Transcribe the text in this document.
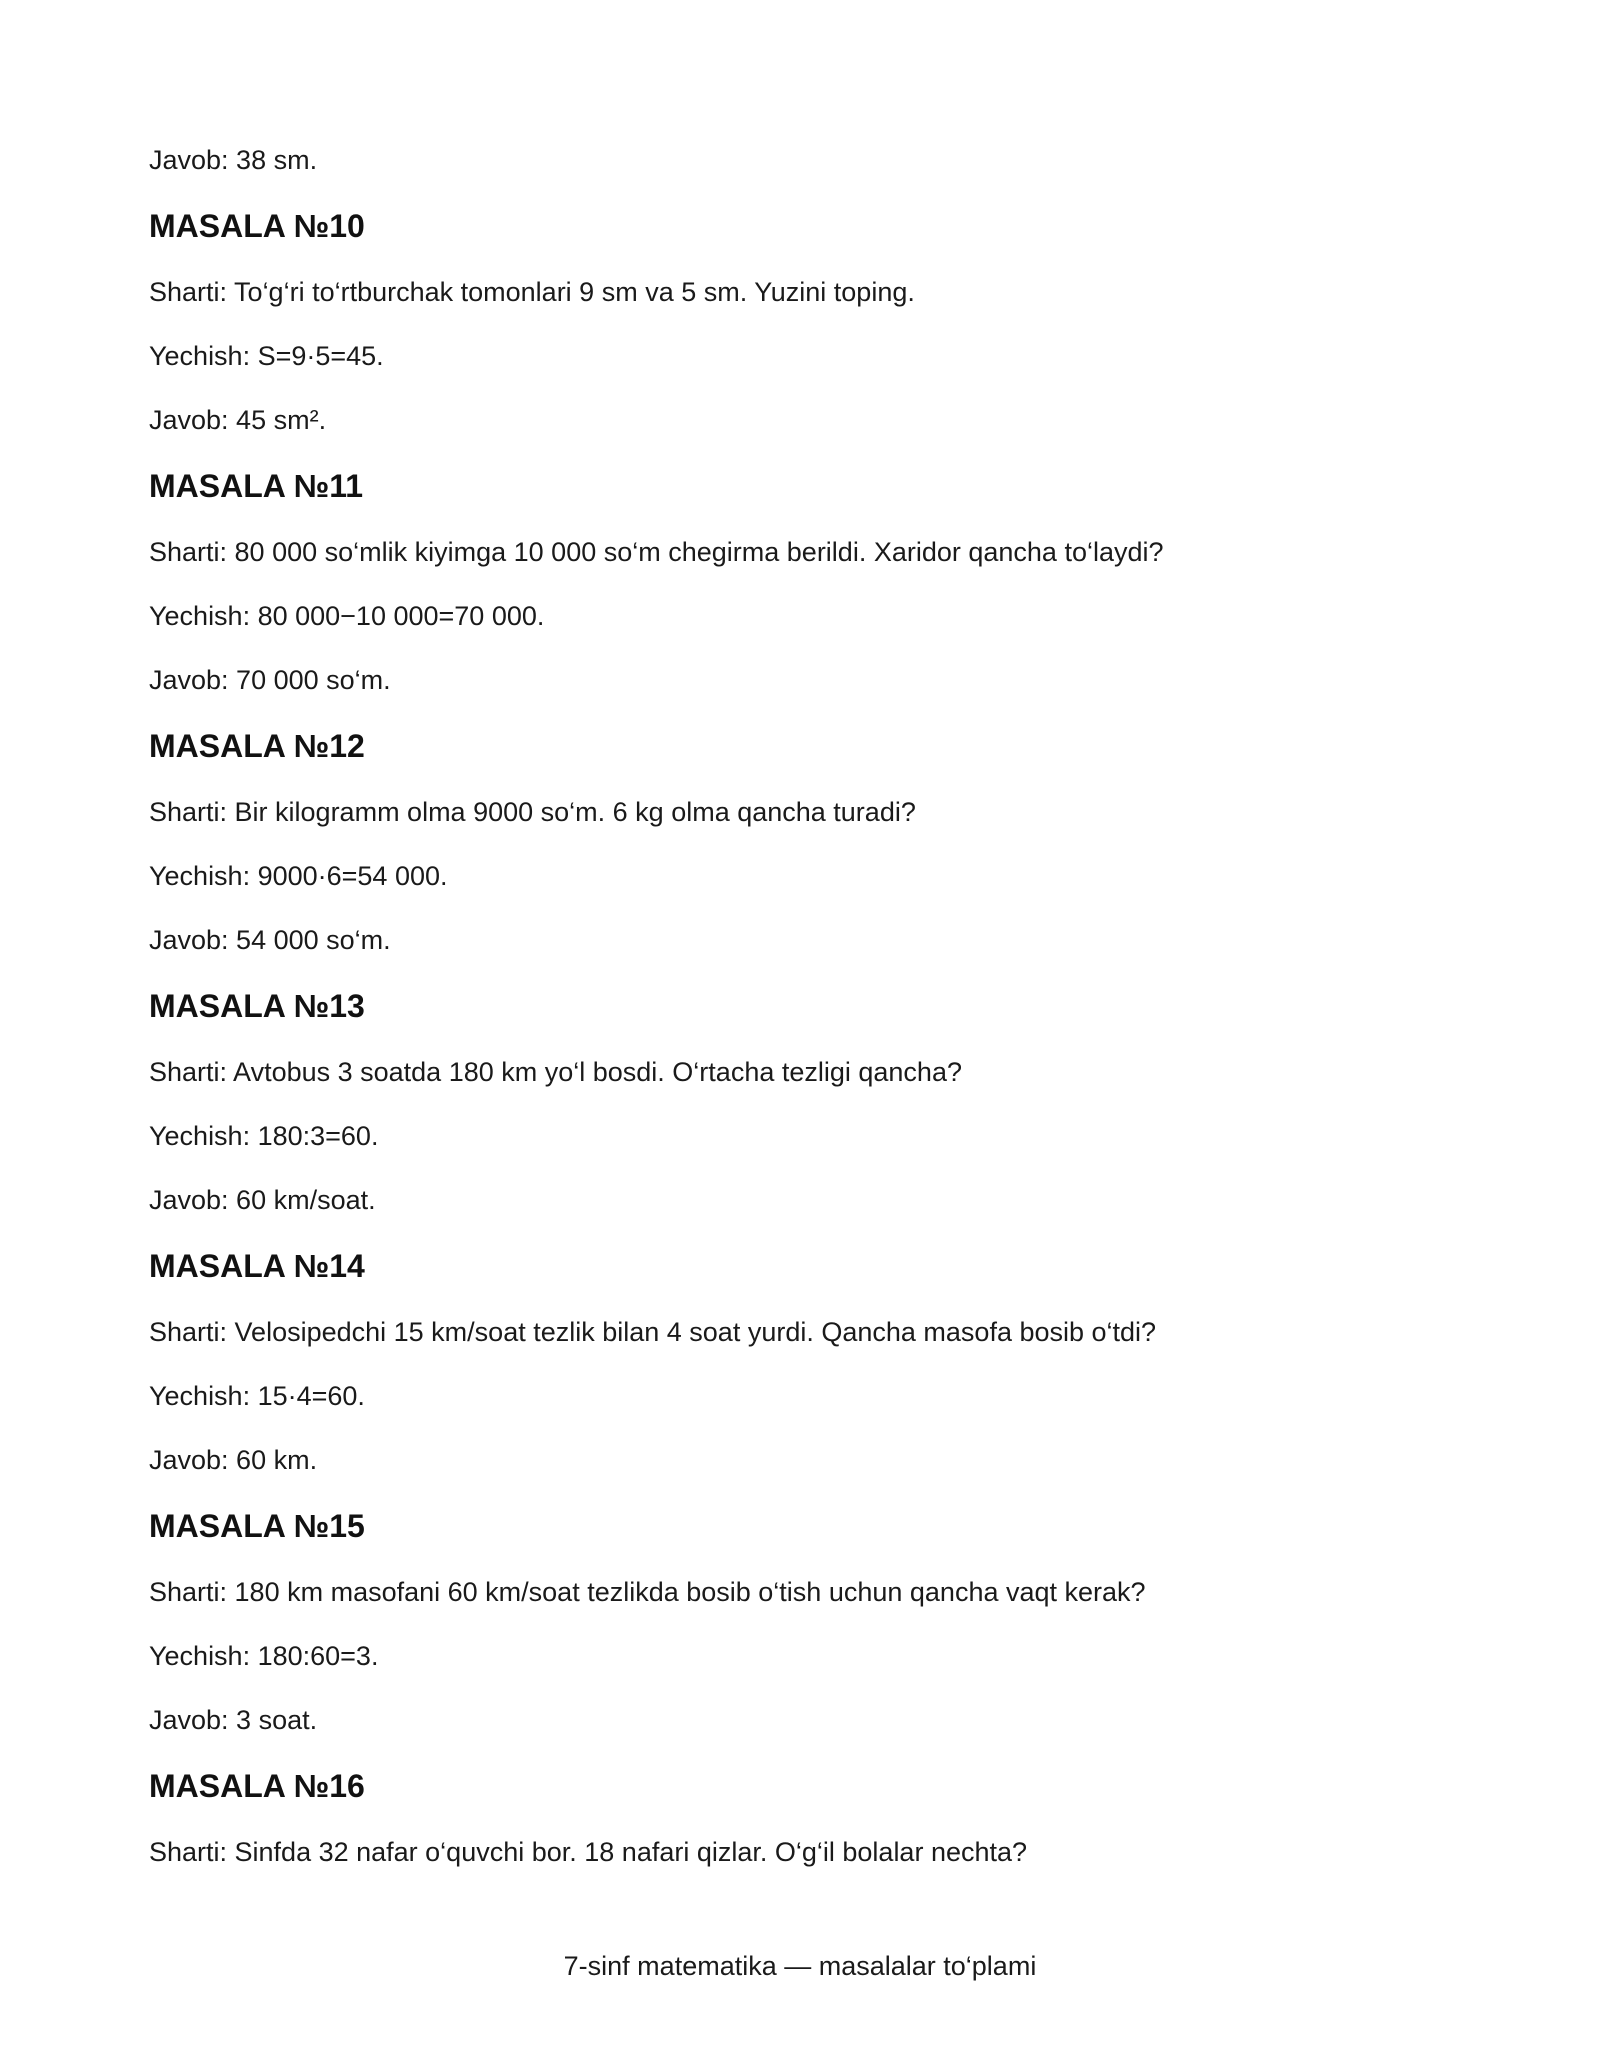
Javob: 38 sm.

MASALA №10

Sharti: To‘g‘ri to‘rtburchak tomonlari 9 sm va 5 sm. Yuzini toping.

Yechish: S=9·5=45.

Javob: 45 sm².

MASALA №11

Sharti: 80 000 so‘mlik kiyimga 10 000 so‘m chegirma berildi. Xaridor qancha to‘laydi?

Yechish: 80 000−10 000=70 000.

Javob: 70 000 so‘m.

MASALA №12

Sharti: Bir kilogramm olma 9000 so‘m. 6 kg olma qancha turadi?

Yechish: 9000·6=54 000.

Javob: 54 000 so‘m.

MASALA №13

Sharti: Avtobus 3 soatda 180 km yo‘l bosdi. O‘rtacha tezligi qancha?

Yechish: 180:3=60.

Javob: 60 km/soat.

MASALA №14

Sharti: Velosipedchi 15 km/soat tezlik bilan 4 soat yurdi. Qancha masofa bosib o‘tdi?

Yechish: 15·4=60.

Javob: 60 km.

MASALA №15

Sharti: 180 km masofani 60 km/soat tezlikda bosib o‘tish uchun qancha vaqt kerak?

Yechish: 180:60=3.

Javob: 3 soat.

MASALA №16

Sharti: Sinfda 32 nafar o‘quvchi bor. 18 nafari qizlar. O‘g‘il bolalar nechta?

7-sinf matematika — masalalar to‘plami
